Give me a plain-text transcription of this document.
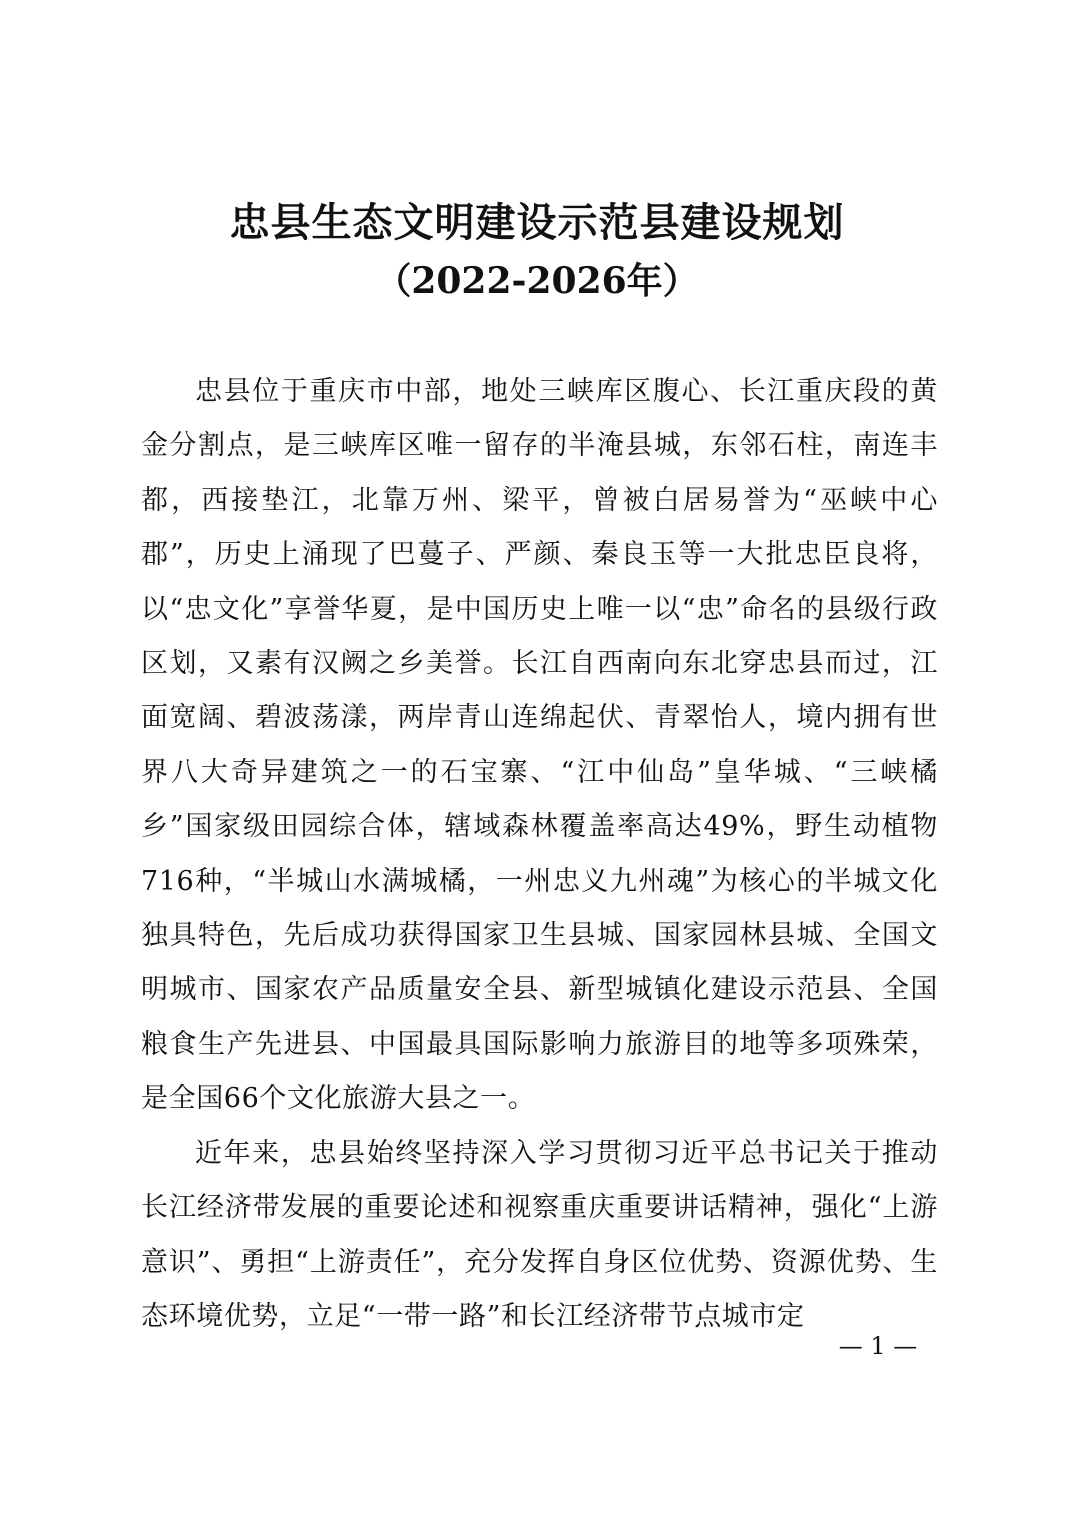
忠县生态文明建设示范县建设规划
（2022-2026年）

忠县位于重庆市中部，地处三峡库区腹心、长江重庆段的黄金分割点，是三峡库区唯一留存的半淹县城，东邻石柱，南连丰都，西接垫江，北靠万州、梁平，曾被白居易誉为“巫峡中心郡”，历史上涌现了巴蔓子、严颜、秦良玉等一大批忠臣良将，以“忠文化”享誉华夏，是中国历史上唯一以“忠”命名的县级行政区划，又素有汉阙之乡美誉。长江自西南向东北穿忠县而过，江面宽阔、碧波荡漾，两岸青山连绵起伏、青翠怡人，境内拥有世界八大奇异建筑之一的石宝寨、“江中仙岛”皇华城、“三峡橘乡”国家级田园综合体，辖域森林覆盖率高达49%，野生动植物716种，“半城山水满城橘，一州忠义九州魂”为核心的半城文化独具特色，先后成功获得国家卫生县城、国家园林县城、全国文明城市、国家农产品质量安全县、新型城镇化建设示范县、全国粮食生产先进县、中国最具国际影响力旅游目的地等多项殊荣，是全国66个文化旅游大县之一。

近年来，忠县始终坚持深入学习贯彻习近平总书记关于推动长江经济带发展的重要论述和视察重庆重要讲话精神，强化“上游意识”、勇担“上游责任”，充分发挥自身区位优势、资源优势、生态环境优势，立足“一带一路”和长江经济带节点城市定

— 1 —
